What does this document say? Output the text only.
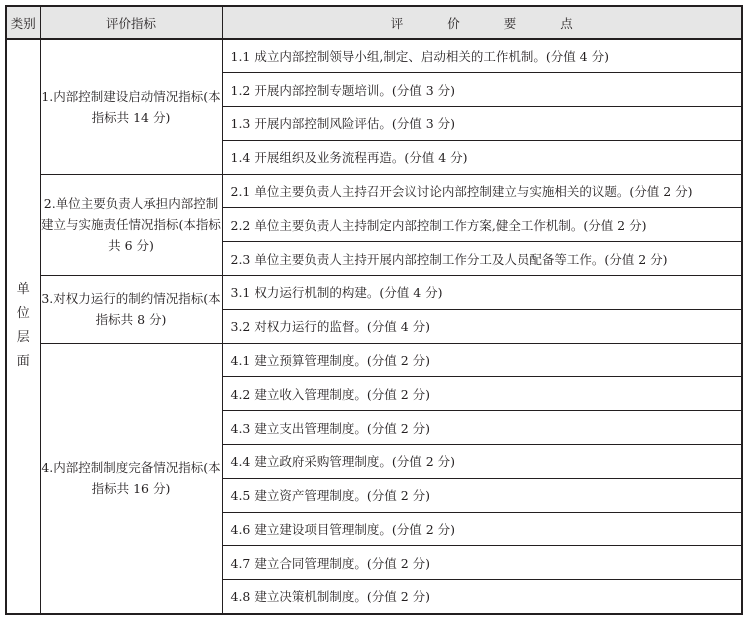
类别	评价指标	评 价 要 点

单
位
层
面	1.内部控制建设启动情况指标(本指标共 14 分)	1.1 成立内部控制领导小组,制定、启动相关的工作机制。(分值 4 分)
		1.2 开展内部控制专题培训。(分值 3 分)
		1.3 开展内部控制风险评估。(分值 3 分)
		1.4 开展组织及业务流程再造。(分值 4 分)
	2.单位主要负责人承担内部控制建立与实施责任情况指标(本指标共 6 分)	2.1 单位主要负责人主持召开会议讨论内部控制建立与实施相关的议题。(分值 2 分)
		2.2 单位主要负责人主持制定内部控制工作方案,健全工作机制。(分值 2 分)
		2.3 单位主要负责人主持开展内部控制工作分工及人员配备等工作。(分值 2 分)
	3.对权力运行的制约情况指标(本指标共 8 分)	3.1 权力运行机制的构建。(分值 4 分)
		3.2 对权力运行的监督。(分值 4 分)
	4.内部控制制度完备情况指标(本指标共 16 分)	4.1 建立预算管理制度。(分值 2 分)
		4.2 建立收入管理制度。(分值 2 分)
		4.3 建立支出管理制度。(分值 2 分)
		4.4 建立政府采购管理制度。(分值 2 分)
		4.5 建立资产管理制度。(分值 2 分)
		4.6 建立建设项目管理制度。(分值 2 分)
		4.7 建立合同管理制度。(分值 2 分)
		4.8 建立决策机制制度。(分值 2 分)
